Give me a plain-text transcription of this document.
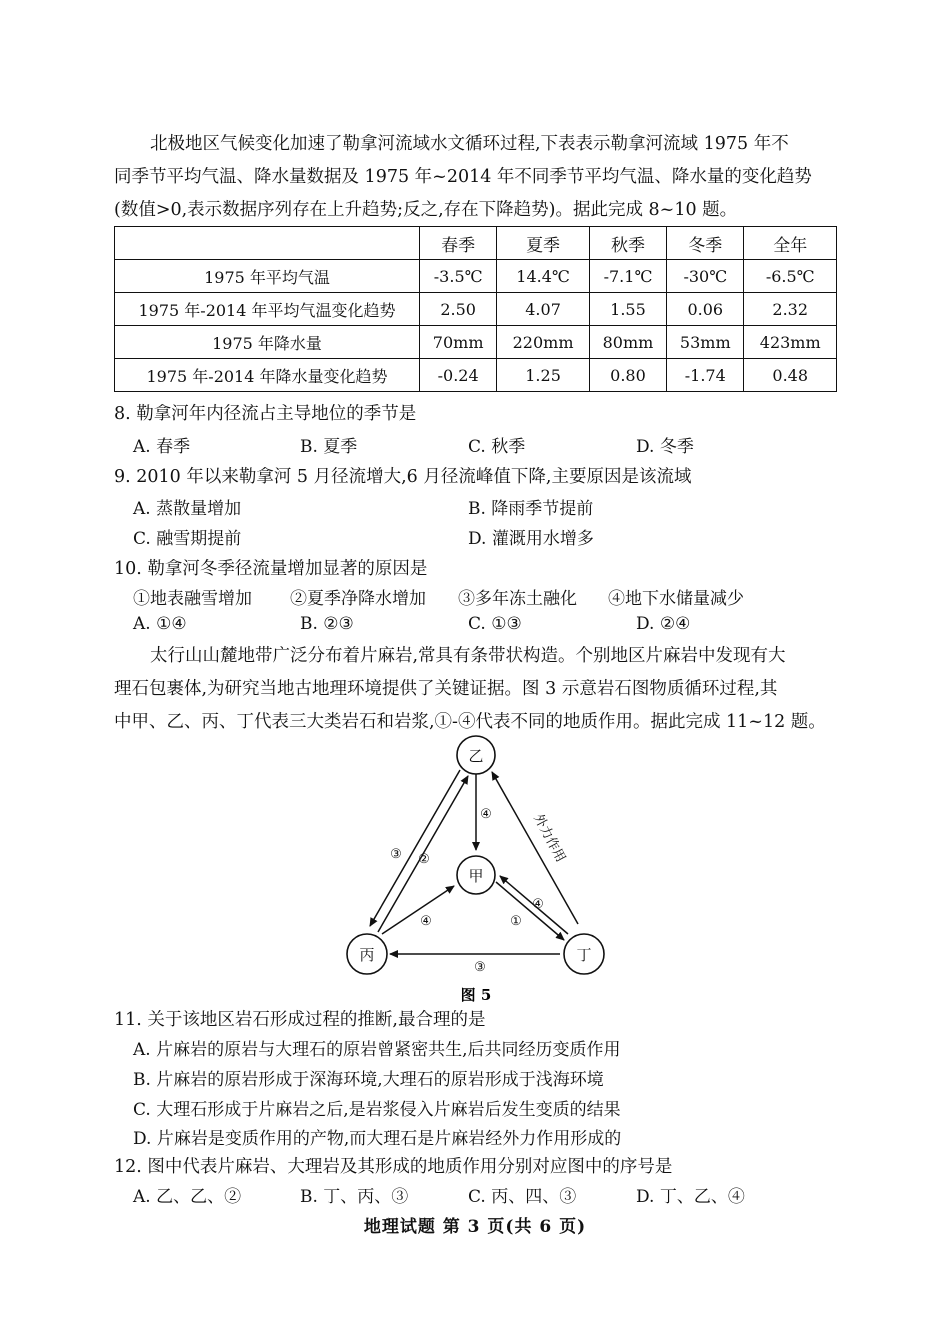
北极地区气候变化加速了勒拿河流域水文循环过程,下表表示勒拿河流域 1975 年不
同季节平均气温、降水量数据及 1975 年~2014 年不同季节平均气温、降水量的变化趋势
(数值>0,表示数据序列存在上升趋势;反之,存在下降趋势)。据此完成 8~10 题。
	春季	夏季	秋季	冬季	全年
1975 年平均气温	-3.5℃	14.4℃	-7.1℃	-30℃	-6.5℃
1975 年-2014 年平均气温变化趋势	2.50	4.07	1.55	0.06	2.32
1975 年降水量	70mm	220mm	80mm	53mm	423mm
1975 年-2014 年降水量变化趋势	-0.24	1.25	0.80	-1.74	0.48
8. 勒拿河年内径流占主导地位的季节是
A. 春季	B. 夏季	C. 秋季	D. 冬季
9. 2010 年以来勒拿河 5 月径流增大,6 月径流峰值下降,主要原因是该流域
A. 蒸散量增加	B. 降雨季节提前
C. 融雪期提前	D. 灌溉用水增多
10. 勒拿河冬季径流量增加显著的原因是
①地表融雪增加 ②夏季净降水增加 ③多年冻土融化 ④地下水储量减少
A. ①④	B. ②③	C. ①③	D. ②④
太行山山麓地带广泛分布着片麻岩,常具有条带状构造。个别地区片麻岩中发现有大
理石包裹体,为研究当地古地理环境提供了关键证据。图 3 示意岩石图物质循环过程,其
中甲、乙、丙、丁代表三大类岩石和岩浆,①-④代表不同的地质作用。据此完成 11~12 题。
乙
甲
丙	丁
④
③ ②
④	①
④
③
外力作用
图 5
11. 关于该地区岩石形成过程的推断,最合理的是
A. 片麻岩的原岩与大理石的原岩曾紧密共生,后共同经历变质作用
B. 片麻岩的原岩形成于深海环境,大理石的原岩形成于浅海环境
C. 大理石形成于片麻岩之后,是岩浆侵入片麻岩后发生变质的结果
D. 片麻岩是变质作用的产物,而大理石是片麻岩经外力作用形成的
12. 图中代表片麻岩、大理岩及其形成的地质作用分别对应图中的序号是
A. 乙、乙、②	B. 丁、丙、③	C. 丙、四、③	D. 丁、乙、④
地理试题 第 3 页(共 6 页)
